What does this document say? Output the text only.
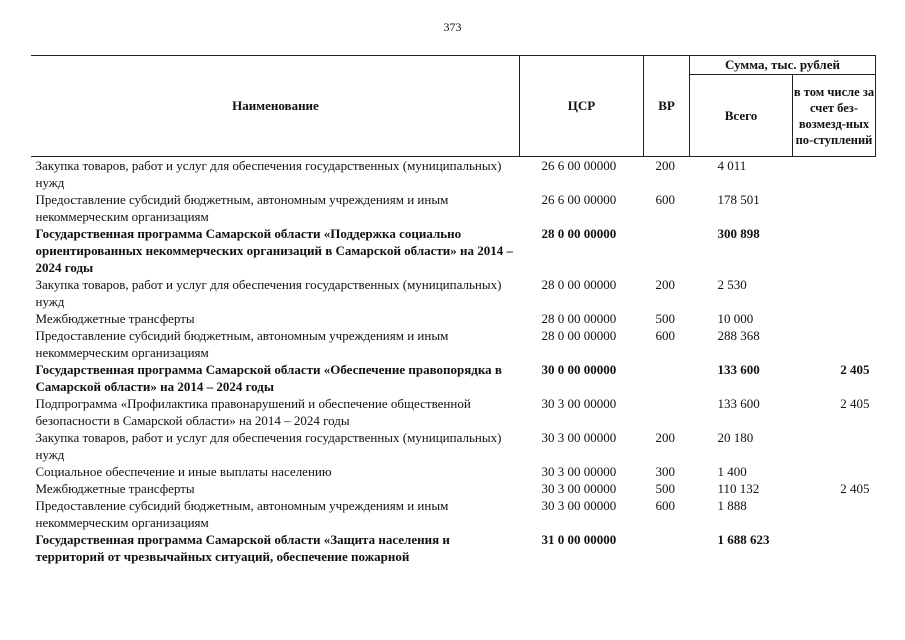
373
Наименование	ЦСР	ВР	Сумма, тыс. рублей	
			Всего	в том числе за счет без-возмезд-ных по-ступлений
Закупка товаров, работ и услуг для обеспечения государственных (муниципальных) нужд	26 6 00 00000	200	4 011	
Предоставление субсидий бюджетным, автономным учреждениям и иным некоммерческим организациям	26 6 00 00000	600	178 501	
Государственная программа Самарской области «Поддержка социально ориентированных некоммерческих организаций в Самарской области» на 2014 – 2024 годы	28 0 00 00000		300 898	
Закупка товаров, работ и услуг для обеспечения государственных (муниципальных) нужд	28 0 00 00000	200	2 530	
Межбюджетные трансферты	28 0 00 00000	500	10 000	
Предоставление субсидий бюджетным, автономным учреждениям и иным некоммерческим организациям	28 0 00 00000	600	288 368	
Государственная программа Самарской области «Обеспечение правопорядка в Самарской области» на 2014 – 2024 годы	30 0 00 00000		133 600	2 405
Подпрограмма «Профилактика правонарушений и обеспечение общественной безопасности в Самарской области» на 2014 – 2024 годы	30 3 00 00000		133 600	2 405
Закупка товаров, работ и услуг для обеспечения государственных (муниципальных) нужд	30 3 00 00000	200	20 180	
Социальное обеспечение и иные выплаты населению	30 3 00 00000	300	1 400	
Межбюджетные трансферты	30 3 00 00000	500	110 132	2 405
Предоставление субсидий бюджетным, автономным учреждениям и иным некоммерческим организациям	30 3 00 00000	600	1 888	
Государственная программа Самарской области «Защита населения и территорий от чрезвычайных ситуаций, обеспечение пожарной	31 0 00 00000		1 688 623	
